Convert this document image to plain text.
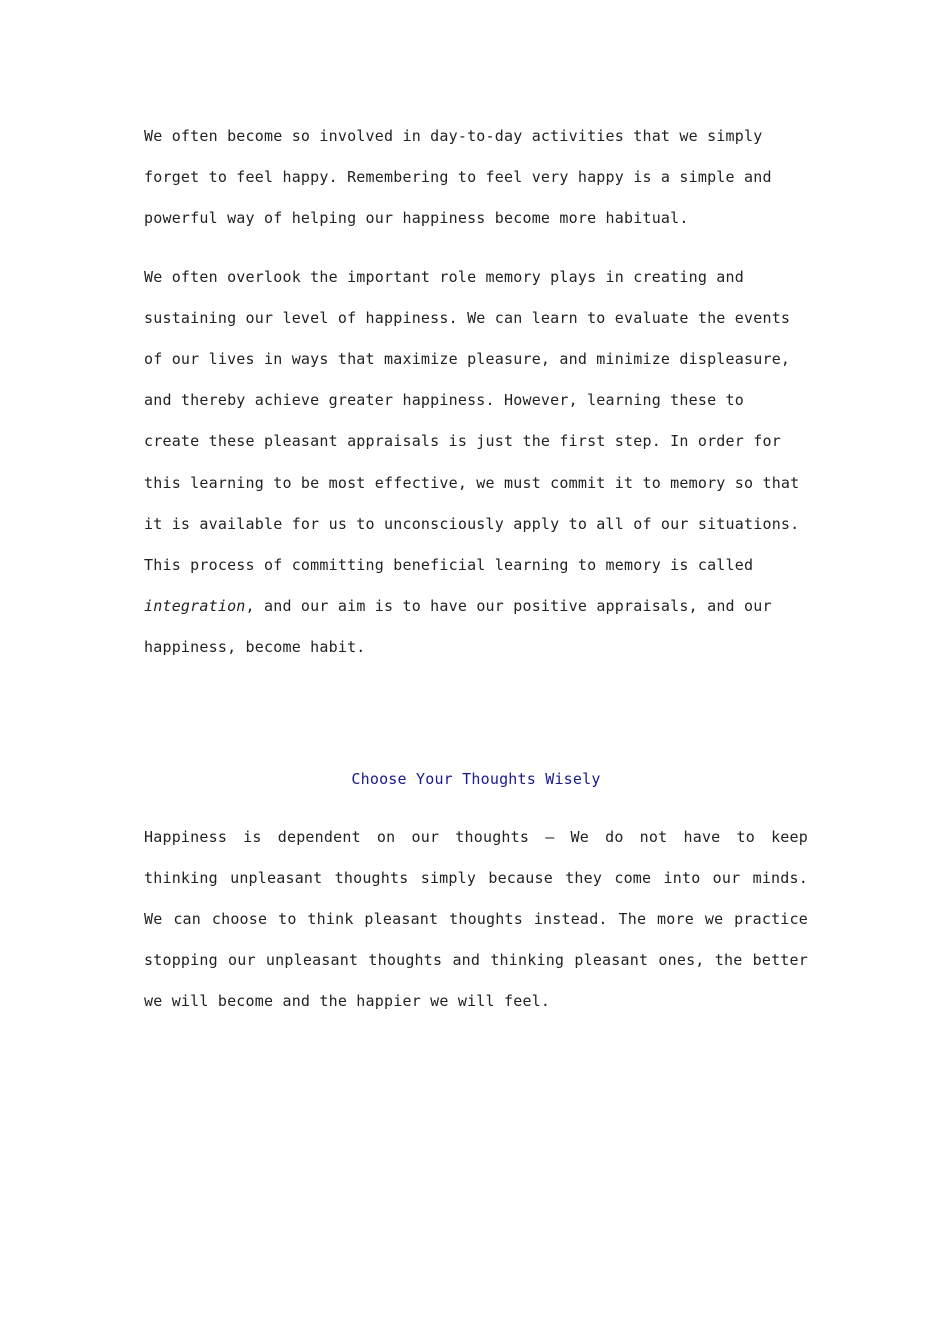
We often become so involved in day-to-day activities that we simply forget to feel happy. Remembering to feel very happy is a simple and powerful way of helping our happiness become more habitual.

We often overlook the important role memory plays in creating and sustaining our level of happiness. We can learn to evaluate the events of our lives in ways that maximize pleasure, and minimize displeasure, and thereby achieve greater happiness. However, learning these to create these pleasant appraisals is just the first step. In order for this learning to be most effective, we must commit it to memory so that it is available for us to unconsciously apply to all of our situations. This process of committing beneficial learning to memory is called integration, and our aim is to have our positive appraisals, and our happiness, become habit.

Choose Your Thoughts Wisely

Happiness is dependent on our thoughts — We do not have to keep thinking unpleasant thoughts simply because they come into our minds. We can choose to think pleasant thoughts instead. The more we practice stopping our unpleasant thoughts and thinking pleasant ones, the better we will become and the happier we will feel.
